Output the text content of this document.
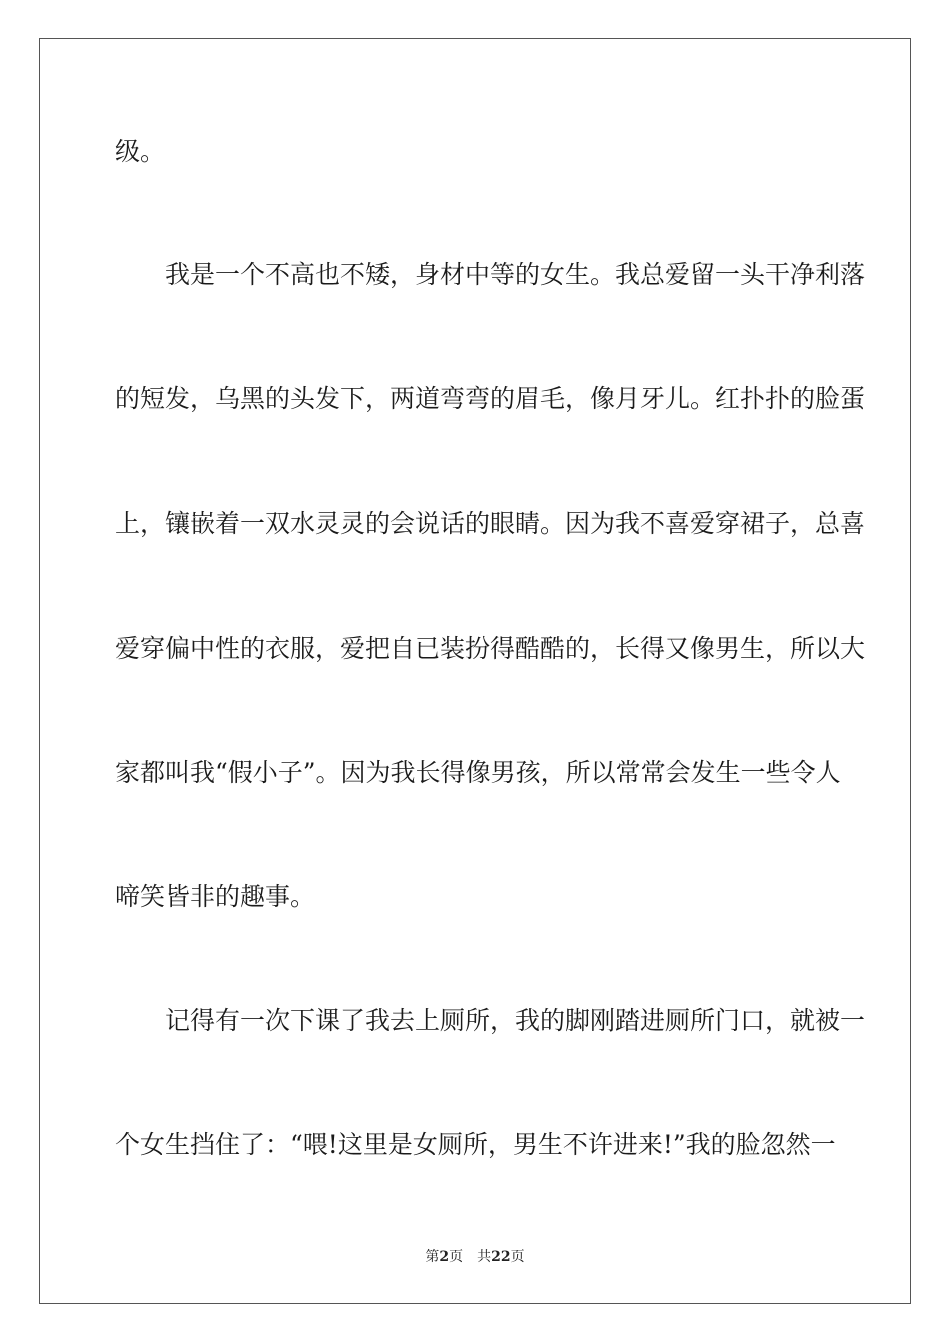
级。
我是一个不高也不矮，身材中等的女生。我总爱留一头干净利落
的短发，乌黑的头发下，两道弯弯的眉毛，像月牙儿。红扑扑的脸蛋
上，镶嵌着一双水灵灵的会说话的眼睛。因为我不喜爱穿裙子，总喜
爱穿偏中性的衣服，爱把自已装扮得酷酷的，长得又像男生，所以大
家都叫我“假小子”。因为我长得像男孩，所以常常会发生一些令人
啼笑皆非的趣事。
记得有一次下课了我去上厕所，我的脚刚踏进厕所门口，就被一
个女生挡住了：“喂!这里是女厕所，男生不许进来!”我的脸忽然一
第2页 共22页
